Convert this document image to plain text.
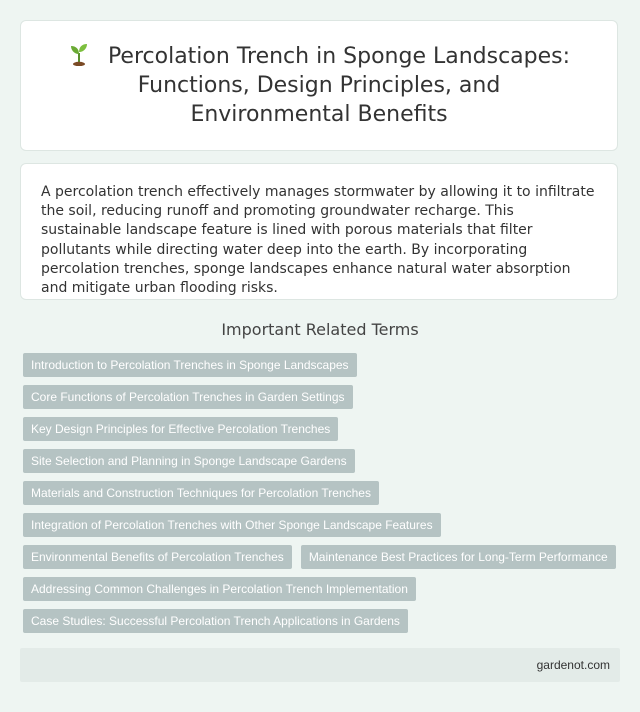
Percolation Trench in Sponge Landscapes: Functions, Design Principles, and Environmental Benefits

A percolation trench effectively manages stormwater by allowing it to infiltrate the soil, reducing runoff and promoting groundwater recharge. This sustainable landscape feature is lined with porous materials that filter pollutants while directing water deep into the earth. By incorporating percolation trenches, sponge landscapes enhance natural water absorption and mitigate urban flooding risks.

Important Related Terms
Introduction to Percolation Trenches in Sponge Landscapes
Core Functions of Percolation Trenches in Garden Settings
Key Design Principles for Effective Percolation Trenches
Site Selection and Planning in Sponge Landscape Gardens
Materials and Construction Techniques for Percolation Trenches
Integration of Percolation Trenches with Other Sponge Landscape Features
Environmental Benefits of Percolation Trenches	Maintenance Best Practices for Long-Term Performance
Addressing Common Challenges in Percolation Trench Implementation
Case Studies: Successful Percolation Trench Applications in Gardens
gardenot.com
